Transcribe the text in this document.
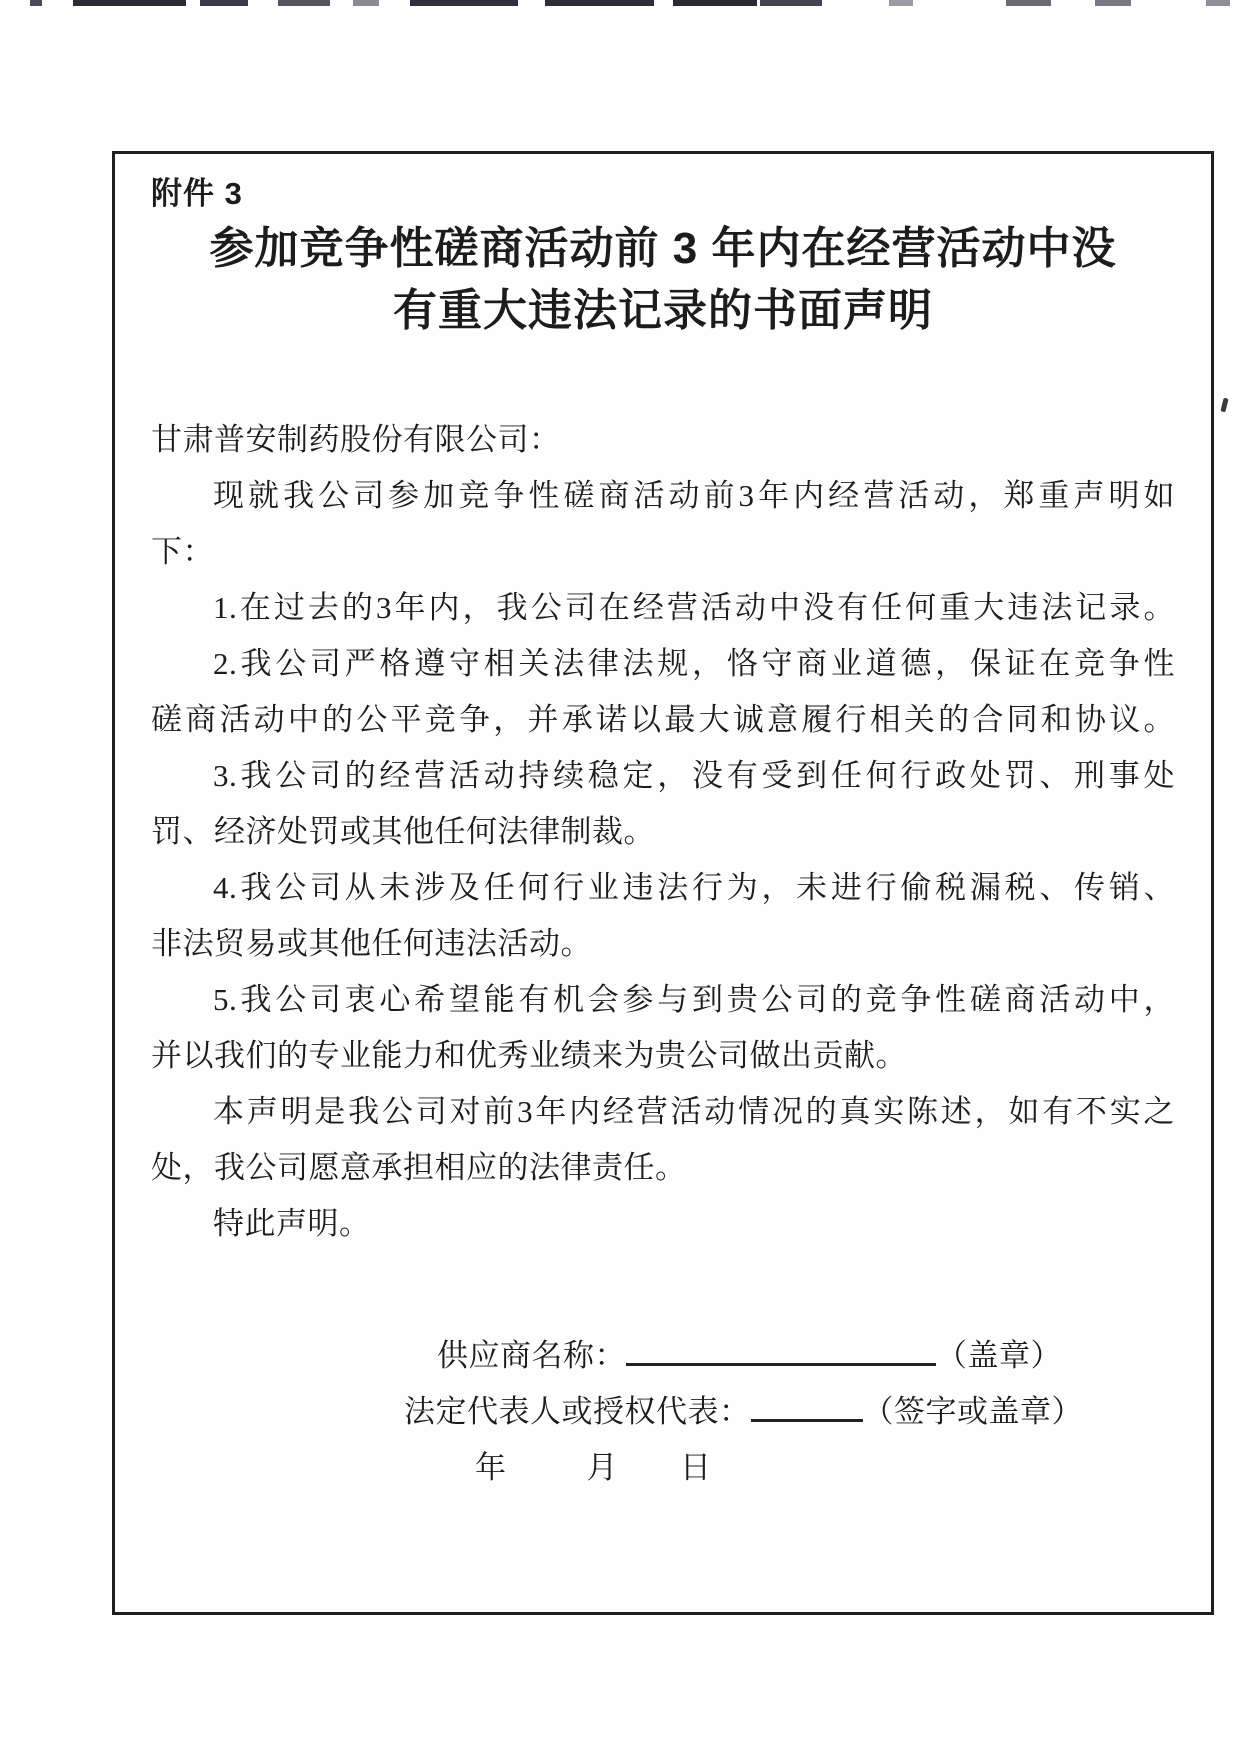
附件 3
参加竞争性磋商活动前 3 年内在经营活动中没
有重大违法记录的书面声明
甘肃普安制药股份有限公司：
现就我公司参加竞争性磋商活动前3年内经营活动，郑重声明如
下：
1.在过去的3年内，我公司在经营活动中没有任何重大违法记录。
2.我公司严格遵守相关法律法规，恪守商业道德，保证在竞争性
磋商活动中的公平竞争，并承诺以最大诚意履行相关的合同和协议。
3.我公司的经营活动持续稳定，没有受到任何行政处罚、刑事处
罚、经济处罚或其他任何法律制裁。
4.我公司从未涉及任何行业违法行为，未进行偷税漏税、传销、
非法贸易或其他任何违法活动。
5.我公司衷心希望能有机会参与到贵公司的竞争性磋商活动中，
并以我们的专业能力和优秀业绩来为贵公司做出贡献。
本声明是我公司对前3年内经营活动情况的真实陈述，如有不实之
处，我公司愿意承担相应的法律责任。
特此声明。
供应商名称：	（盖章）
法定代表人或授权代表：	（签字或盖章）
年	月 日
